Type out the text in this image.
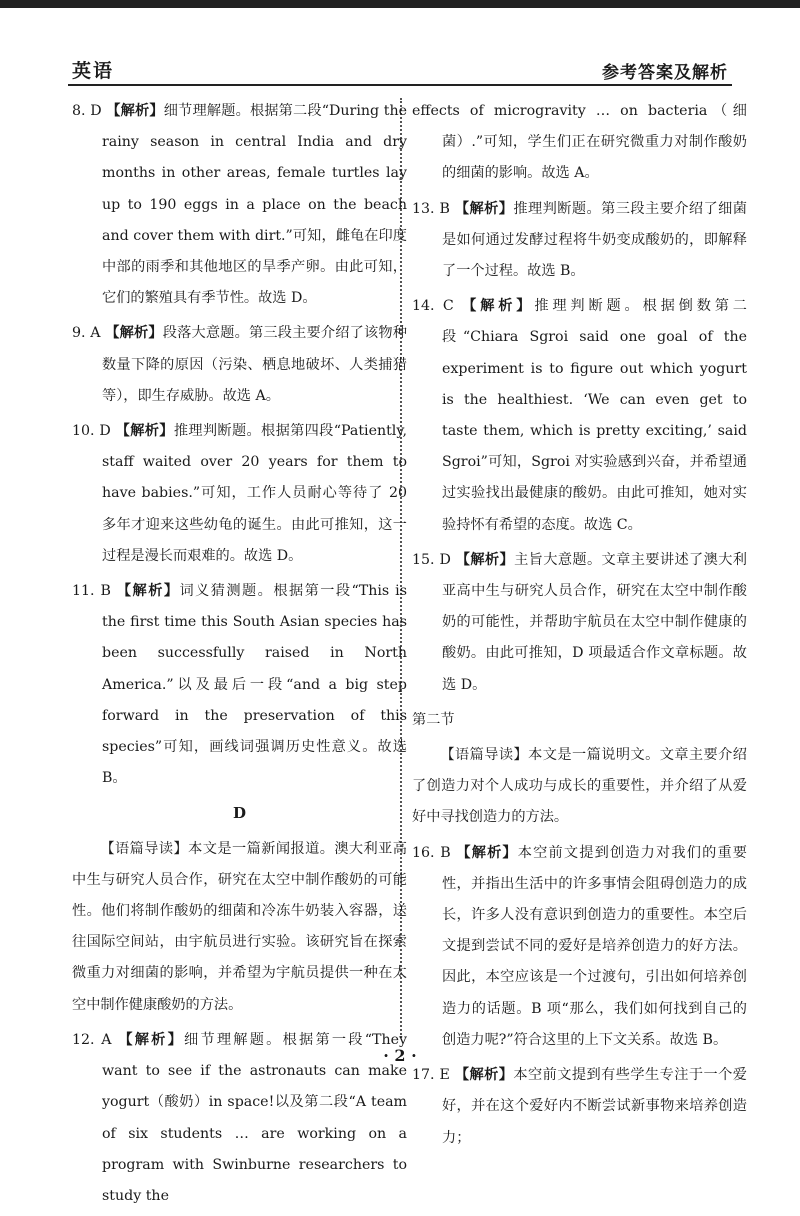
英语	参考答案及解析
8. D 【解析】细节理解题。根据第二段“During the rainy season in central India and dry months in other areas, female turtles lay up to 190 eggs in a place on the beach and cover them with dirt.”可知，雌龟在印度中部的雨季和其他地区的旱季产卵。由此可知，它们的繁殖具有季节性。故选 D。
9. A 【解析】段落大意题。第三段主要介绍了该物种数量下降的原因（污染、栖息地破坏、人类捕猎等），即生存威胁。故选 A。
10. D 【解析】推理判断题。根据第四段“Patiently, staff waited over 20 years for them to have babies.”可知，工作人员耐心等待了 20 多年才迎来这些幼龟的诞生。由此可推知，这一过程是漫长而艰难的。故选 D。
11. B 【解析】词义猜测题。根据第一段“This is the first time this South Asian species has been successfully raised in North America.”以及最后一段“and a big step forward in the preservation of this species”可知，画线词强调历史性意义。故选 B。
D
【语篇导读】本文是一篇新闻报道。澳大利亚高中生与研究人员合作，研究在太空中制作酸奶的可能性。他们将制作酸奶的细菌和冷冻牛奶装入容器，送往国际空间站，由宇航员进行实验。该研究旨在探索微重力对细菌的影响，并希望为宇航员提供一种在太空中制作健康酸奶的方法。
12. A 【解析】细节理解题。根据第一段“They want to see if the astronauts can make yogurt（酸奶）in space!以及第二段“A team of six students … are working on a program with Swinburne researchers to study the
effects of microgravity … on bacteria（细菌）.”可知，学生们正在研究微重力对制作酸奶的细菌的影响。故选 A。
13. B 【解析】推理判断题。第三段主要介绍了细菌是如何通过发酵过程将牛奶变成酸奶的，即解释了一个过程。故选 B。
14. C 【解析】推理判断题。根据倒数第二段“Chiara Sgroi said one goal of the experiment is to figure out which yogurt is the healthiest. ‘We can even get to taste them, which is pretty exciting,’ said Sgroi”可知，Sgroi 对实验感到兴奋，并希望通过实验找出最健康的酸奶。由此可推知，她对实验持怀有希望的态度。故选 C。
15. D 【解析】主旨大意题。文章主要讲述了澳大利亚高中生与研究人员合作，研究在太空中制作酸奶的可能性，并帮助宇航员在太空中制作健康的酸奶。由此可推知，D 项最适合作文章标题。故选 D。
第二节
【语篇导读】本文是一篇说明文。文章主要介绍了创造力对个人成功与成长的重要性，并介绍了从爱好中寻找创造力的方法。
16. B 【解析】本空前文提到创造力对我们的重要性，并指出生活中的许多事情会阻碍创造力的成长，许多人没有意识到创造力的重要性。本空后文提到尝试不同的爱好是培养创造力的好方法。因此，本空应该是一个过渡句，引出如何培养创造力的话题。B 项“那么，我们如何找到自己的创造力呢?”符合这里的上下文关系。故选 B。
17. E 【解析】本空前文提到有些学生专注于一个爱好，并在这个爱好内不断尝试新事物来培养创造力；
· 2 ·
